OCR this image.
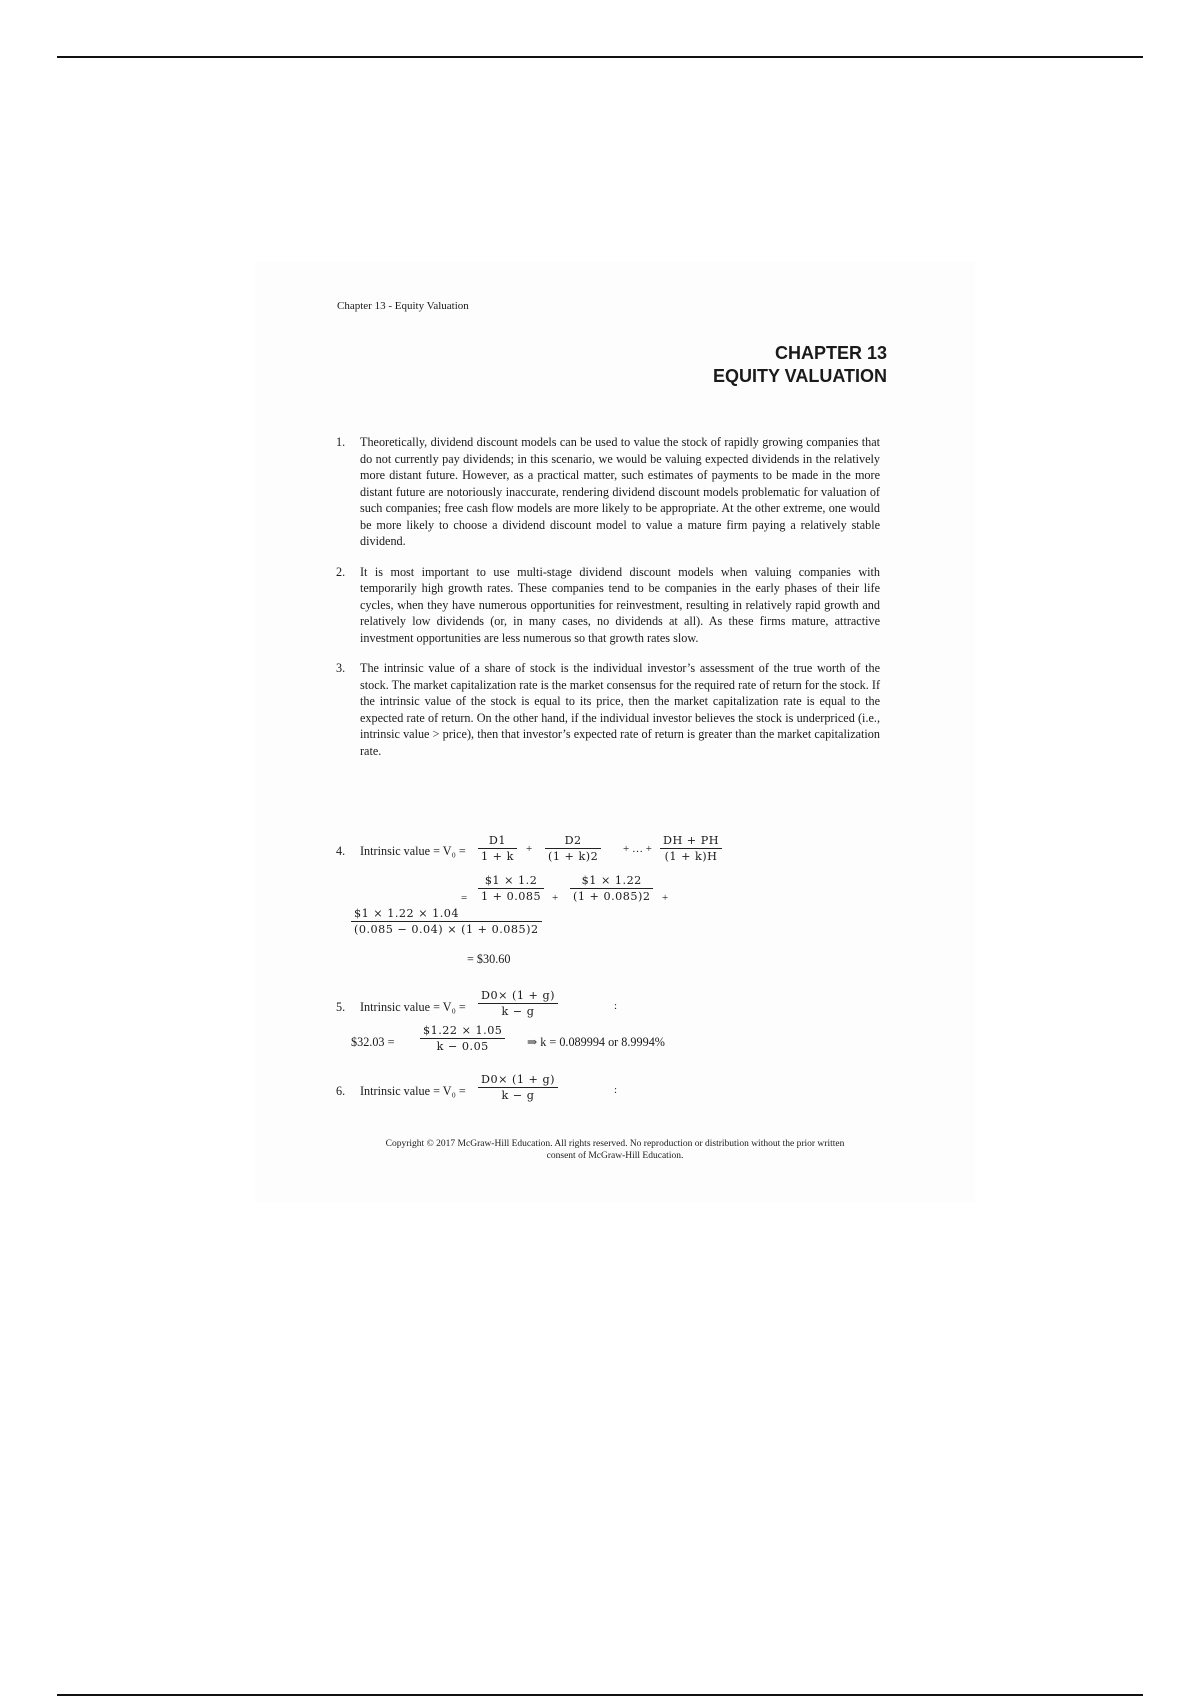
Chapter 13 - Equity Valuation
CHAPTER 13
EQUITY VALUATION
1. Theoretically, dividend discount models can be used to value the stock of rapidly growing companies that do not currently pay dividends; in this scenario, we would be valuing expected dividends in the relatively more distant future. However, as a practical matter, such estimates of payments to be made in the more distant future are notoriously inaccurate, rendering dividend discount models problematic for valuation of such companies; free cash flow models are more likely to be appropriate. At the other extreme, one would be more likely to choose a dividend discount model to value a mature firm paying a relatively stable dividend.
2. It is most important to use multi-stage dividend discount models when valuing companies with temporarily high growth rates. These companies tend to be companies in the early phases of their life cycles, when they have numerous opportunities for reinvestment, resulting in relatively rapid growth and relatively low dividends (or, in many cases, no dividends at all). As these firms mature, attractive investment opportunities are less numerous so that growth rates slow.
3. The intrinsic value of a share of stock is the individual investor’s assessment of the true worth of the stock. The market capitalization rate is the market consensus for the required rate of return for the stock. If the intrinsic value of the stock is equal to its price, then the market capitalization rate is equal to the expected rate of return. On the other hand, if the individual investor believes the stock is underpriced (i.e., intrinsic value > price), then that investor’s expected rate of return is greater than the market capitalization rate.
4. Intrinsic value = $V_0 = \frac{D1}{1 + k} + \frac{D2}{(1 + k)2}$ + … + $\frac{DH + PH}{(1 + k)H}$
= $\frac{\$1 \times 1.2}{1 + 0.085} + \frac{\$1 \times 1.22}{(1 + 0.085)2}$ +
$\frac{\$1 \times 1.22 \times 1.04}{(0.085 - 0.04) \times (1 + 0.085)2}$
= $30.60
5. Intrinsic value = $V_0 = \frac{D0\times (1 + g)}{k - g}$	:
$32.03 = $\frac{\$1.22 \times 1.05}{k - 0.05}$ ⇒ k = 0.089994 or 8.9994%
6. Intrinsic value = $V_0 = \frac{D0\times (1 + g)}{k - g}$	:
Copyright © 2017 McGraw-Hill Education. All rights reserved. No reproduction or distribution without the prior written
consent of McGraw-Hill Education.
